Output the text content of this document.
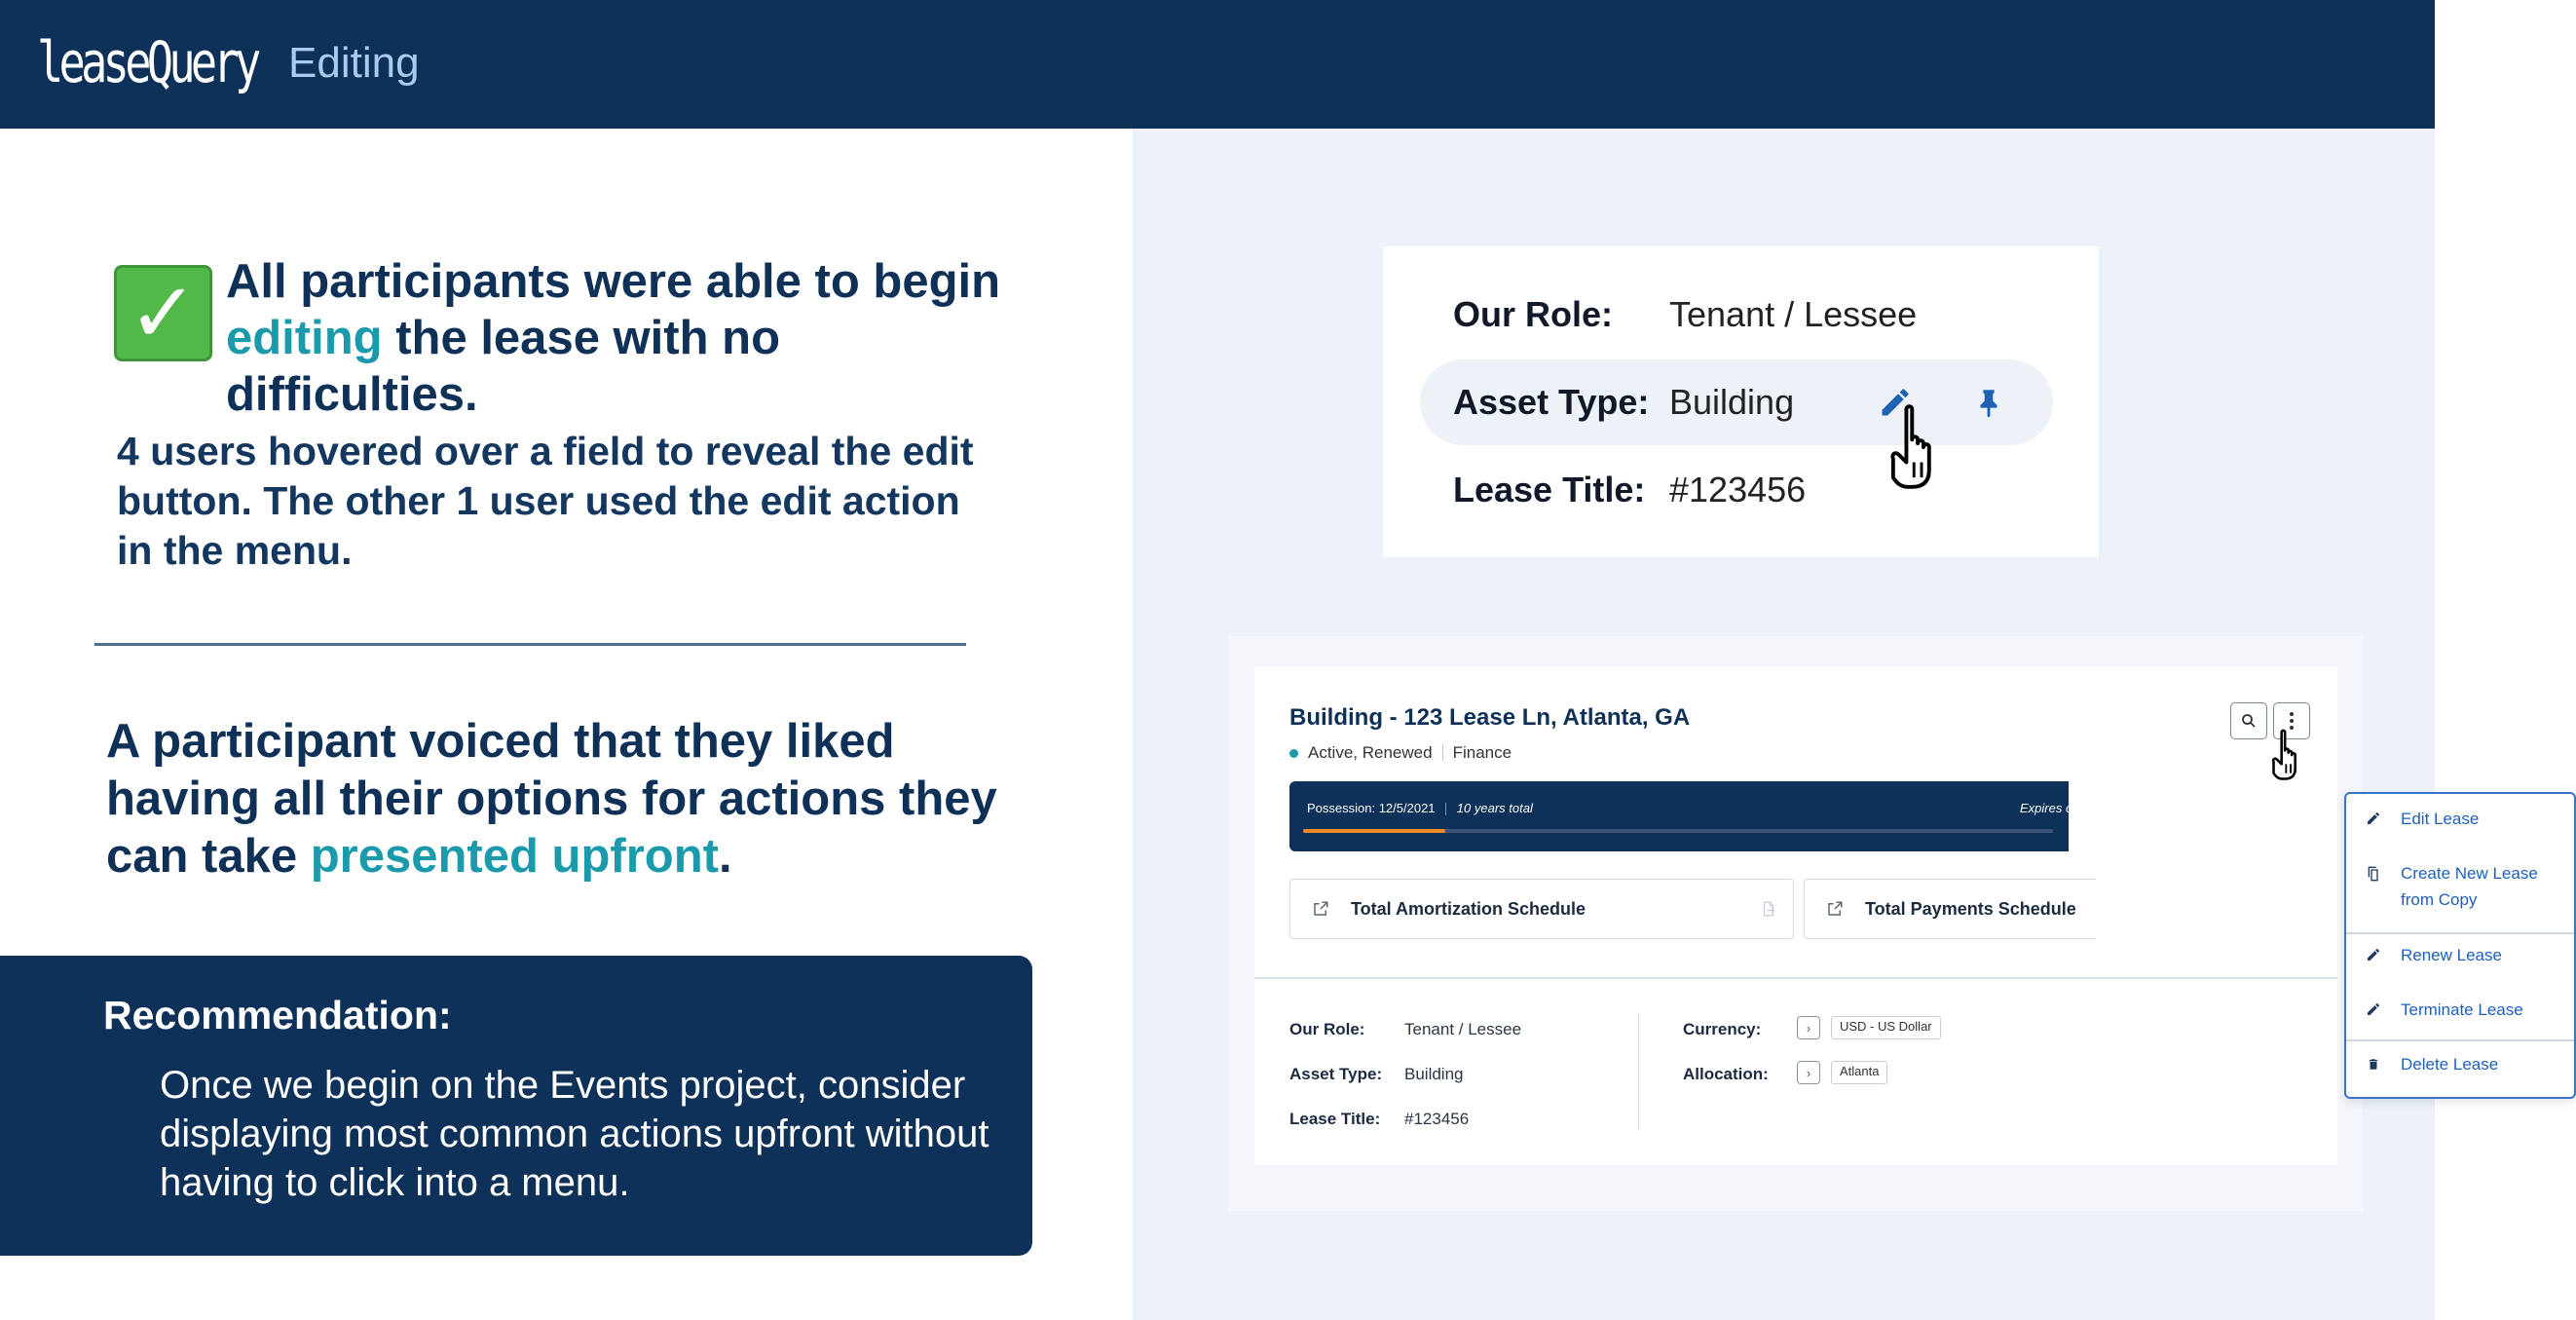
leaseQuery Editing
✓ All participants were able to begin
editing the lease with no difficulties.
4 users hovered over a field to reveal the edit button. The other 1 user used the edit action in the menu.
A participant voiced that they liked having all their options for actions they can take presented upfront.
Recommendation:
Once we begin on the Events project, consider displaying most common actions upfront without having to click into a menu.
Our Role: Tenant / Lessee
Asset Type: Building
Lease Title: #123456
Building - 123 Lease Ln, Atlanta, GA
Active, Renewed Finance
Possession: 12/5/2021 10 years total	Expires o
Total Amortization Schedule	Total Payments Schedule
Our Role: Tenant / Lessee
Asset Type: Building
Lease Title: #123456
Currency:	›	USD - US Dollar
Allocation:	›	Atlanta
Edit Lease
Create New Lease
from Copy
Renew Lease
Terminate Lease
Delete Lease
